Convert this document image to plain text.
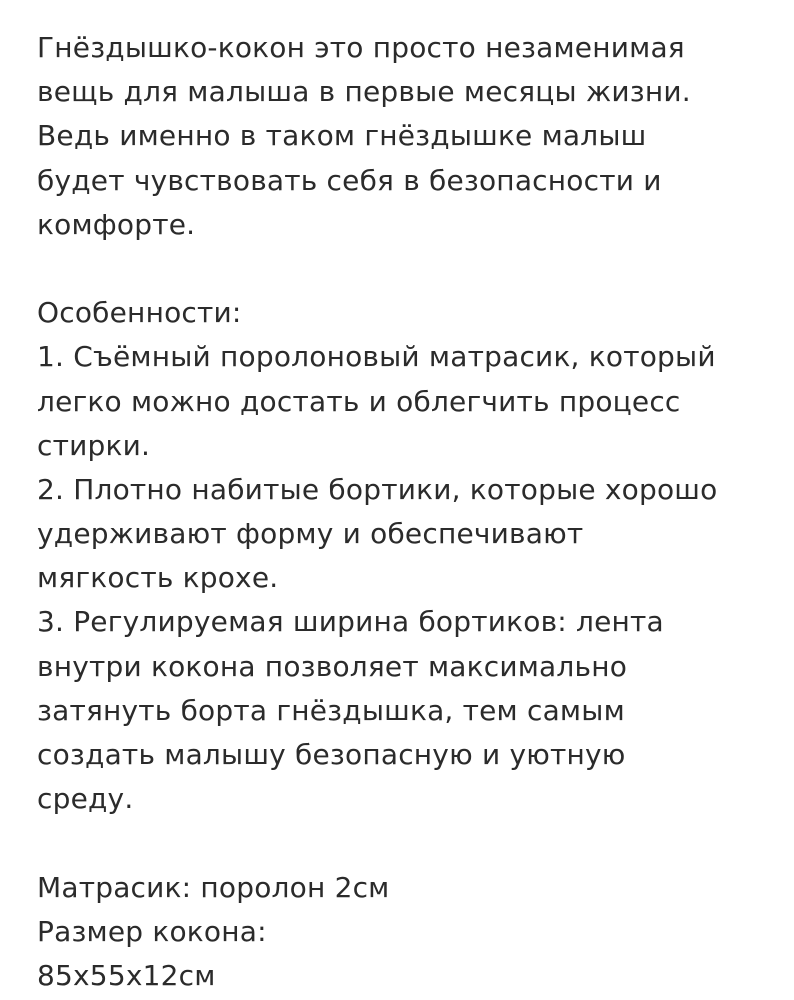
Гнёздышко-кокон это просто незаменимая
вещь для малыша в первые месяцы жизни.
Ведь именно в таком гнёздышке малыш
будет чувствовать себя в безопасности и
комфорте.
Особенности:
1. Съёмный поролоновый матрасик, который
легко можно достать и облегчить процесс
стирки.
2. Плотно набитые бортики, которые хорошо
удерживают форму и обеспечивают
мягкость крохе.
3. Регулируемая ширина бортиков: лента
внутри кокона позволяет максимально
затянуть борта гнёздышка, тем самым
создать малышу безопасную и уютную
среду.
Матрасик: поролон 2см
Размер кокона:
85x55x12см
